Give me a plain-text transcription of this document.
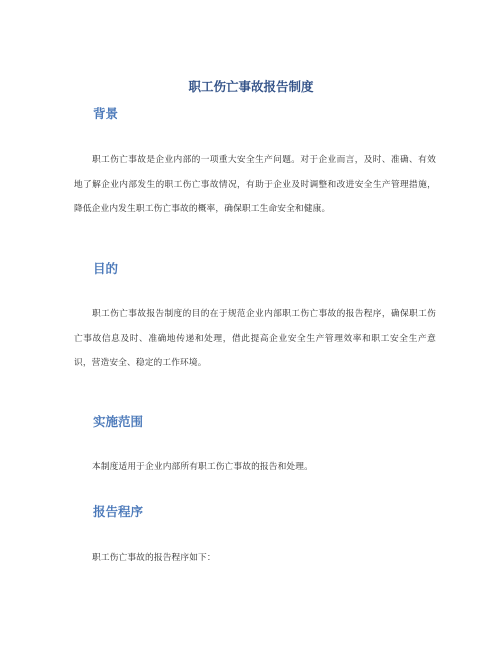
职工伤亡事故报告制度
背景

职工伤亡事故是企业内部的一项重大安全生产问题。对于企业而言，及时、准确、有效地了解企业内部发生的职工伤亡事故情况，有助于企业及时调整和改进安全生产管理措施，降低企业内发生职工伤亡事故的概率，确保职工生命安全和健康。

目的

职工伤亡事故报告制度的目的在于规范企业内部职工伤亡事故的报告程序，确保职工伤亡事故信息及时、准确地传递和处理，借此提高企业安全生产管理效率和职工安全生产意识，营造安全、稳定的工作环境。

实施范围

本制度适用于企业内部所有职工伤亡事故的报告和处理。

报告程序

职工伤亡事故的报告程序如下：
